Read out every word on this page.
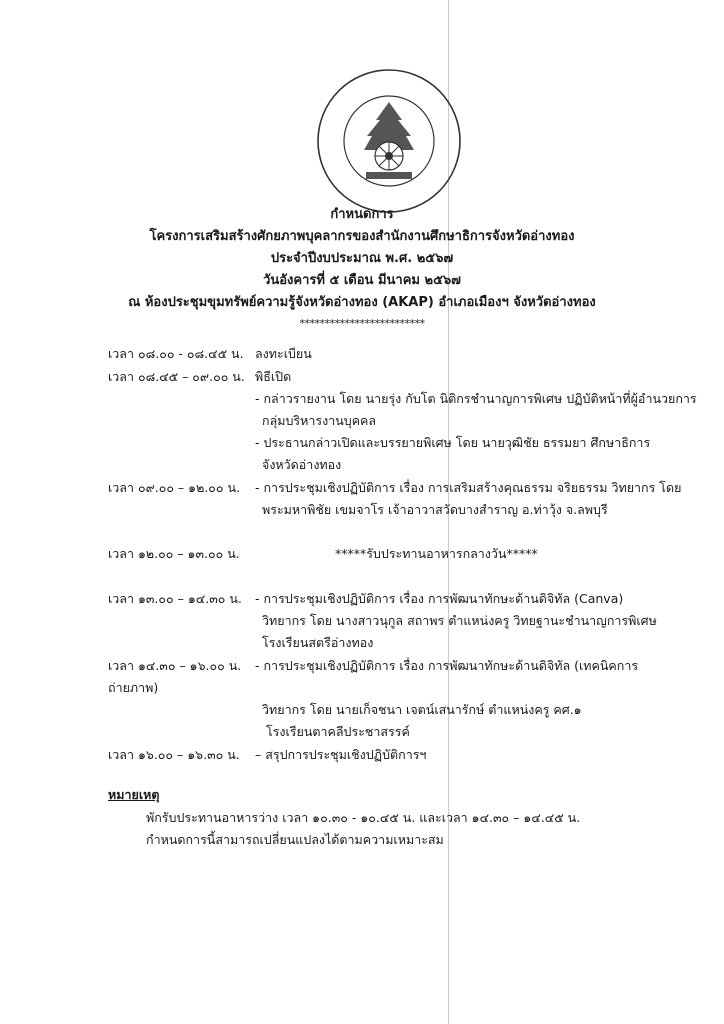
กำหนดการ
โครงการเสริมสร้างศักยภาพบุคลากรของสำนักงานศึกษาธิการจังหวัดอ่างทอง
ประจำปีงบประมาณ พ.ศ. ๒๕๖๗
วันอังคารที่ ๕ เดือน มีนาคม ๒๕๖๗
ณ ห้องประชุมขุมทรัพย์ความรู้จังหวัดอ่างทอง (AKAP) อำเภอเมืองฯ จังหวัดอ่างทอง
*************************
เวลา ๐๘.๐๐ - ๐๘.๔๕ น. ลงทะเบียน
เวลา ๐๘.๔๕ – ๐๙.๐๐ น. พิธีเปิด
- กล่าวรายงาน โดย นายรุ่ง กับโต นิติกรชำนาญการพิเศษ ปฏิบัติหน้าที่ผู้อำนวยการ
กลุ่มบริหารงานบุคคล
- ประธานกล่าวเปิดและบรรยายพิเศษ โดย นายวุฒิชัย ธรรมยา ศึกษาธิการ
จังหวัดอ่างทอง
เวลา ๐๙.๐๐ – ๑๒.๐๐ น. - การประชุมเชิงปฏิบัติการ เรื่อง การเสริมสร้างคุณธรรม จริยธรรม วิทยากร โดย
พระมหาพิชัย เขมจาโร เจ้าอาวาสวัดบางสำราญ อ.ท่าวุ้ง จ.ลพบุรี
เวลา ๑๒.๐๐ – ๑๓.๐๐ น.	*****รับประทานอาหารกลางวัน*****
เวลา ๑๓.๐๐ – ๑๔.๓๐ น. - การประชุมเชิงปฏิบัติการ เรื่อง การพัฒนาทักษะด้านดิจิทัล (Canva)
วิทยากร โดย นางสาวนุกูล สถาพร ตำแหน่งครู วิทยฐานะชำนาญการพิเศษ
โรงเรียนสตรีอ่างทอง
เวลา ๑๔.๓๐ – ๑๖.๐๐ น. - การประชุมเชิงปฏิบัติการ เรื่อง การพัฒนาทักษะด้านดิจิทัล (เทคนิคการ
ถ่ายภาพ)
วิทยากร โดย นายเก็จชนา เจตน์เสนารักษ์ ตำแหน่งครู คศ.๑
โรงเรียนตาคลีประชาสรรค์
เวลา ๑๖.๐๐ – ๑๖.๓๐ น. – สรุปการประชุมเชิงปฏิบัติการฯ
หมายเหตุ
พักรับประทานอาหารว่าง เวลา ๑๐.๓๐ - ๑๐.๔๕ น. และเวลา ๑๔.๓๐ – ๑๔.๔๕ น.
กำหนดการนี้สามารถเปลี่ยนแปลงได้ตามความเหมาะสม
